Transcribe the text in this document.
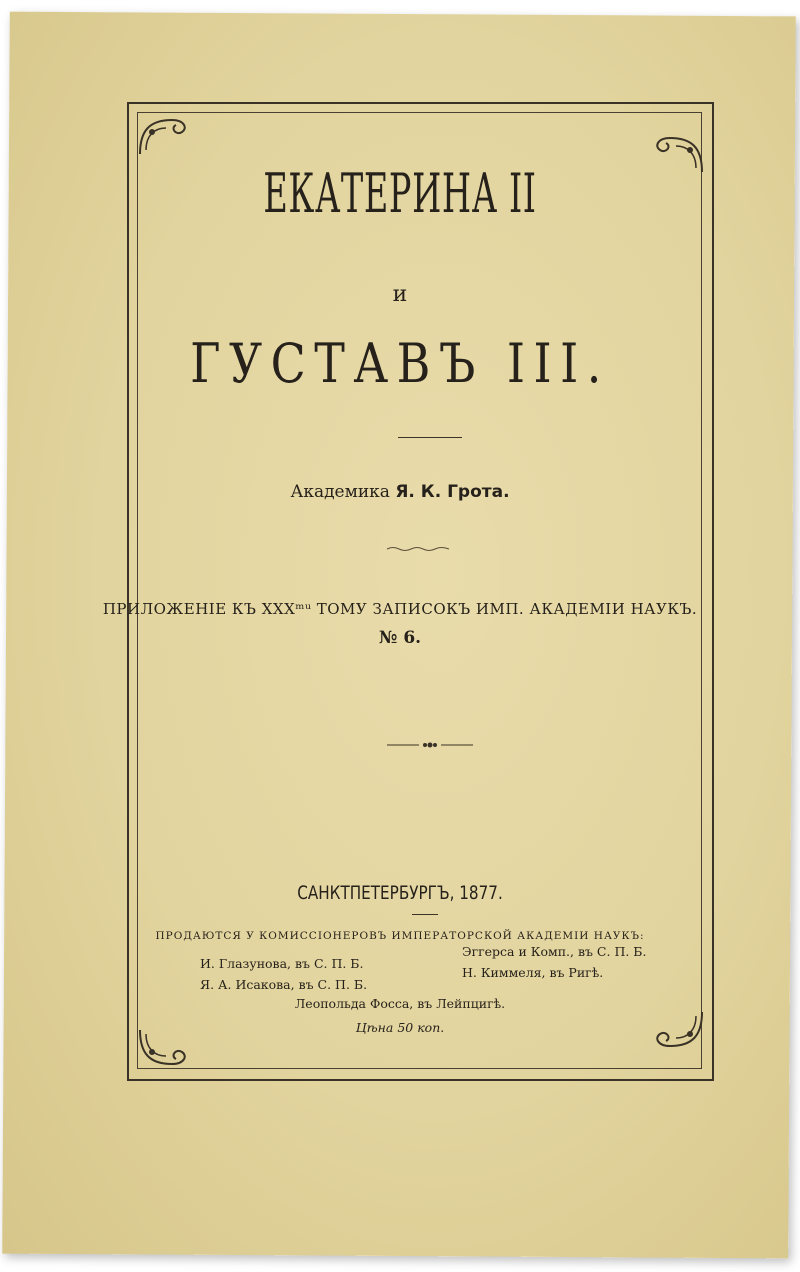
ЕКАТЕРИНА II
и
ГУСТАВЪ III.
Академика Я. К. Грота.
ПРИЛОЖЕНІЕ КЪ XXXᵐᵘ ТОМУ ЗАПИСОКЪ ИМП. АКАДЕМІИ НАУКЪ.
№ 6.
САНКТПЕТЕРБУРГЪ, 1877.
ПРОДАЮТСЯ У КОМИССІОНЕРОВЪ ИМПЕРАТОРСКОЙ АКАДЕМІИ НАУКЪ:
И. Глазунова, въ С. П. Б.
Я. А. Исакова, въ С. П. Б.
Эггерса и Комп., въ С. П. Б.
Н. Киммеля, въ Ригѣ.
Леопольда Фосса, въ Лейпцигѣ.
Цѣна 50 коп.
